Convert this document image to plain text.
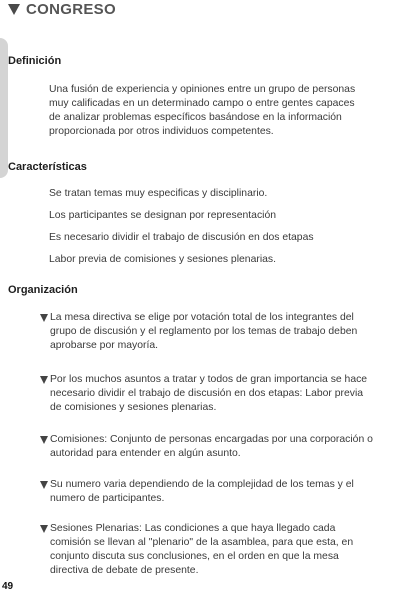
CONGRESO
Definición
Una fusión de experiencia y opiniones entre un grupo de personas muy calificadas en un determinado campo o entre gentes capaces de analizar problemas específicos basándose en la información proporcionada por otros individuos competentes.
Características
Se tratan temas muy especificas y disciplinario.
Los participantes se designan por representación
Es necesario dividir el trabajo de discusión en dos etapas
Labor previa de comisiones y sesiones plenarias.
Organización
La mesa directiva se elige por votación total de los integrantes del grupo de discusión y el reglamento por los temas de trabajo deben aprobarse por mayoría.
Por los muchos asuntos a tratar y todos de gran importancia se hace necesario dividir el trabajo de discusión en dos etapas: Labor previa de comisiones y sesiones plenarias.
Comisiones: Conjunto de personas encargadas por una corporación o autoridad para entender en algún asunto.
Su numero varia dependiendo de la complejidad de los temas y el numero de participantes.
Sesiones Plenarias: Las condiciones a que haya llegado cada comisión se llevan al "plenario" de la asamblea, para que esta, en conjunto discuta sus conclusiones, en el orden en que la mesa directiva de debate de presente.
49
